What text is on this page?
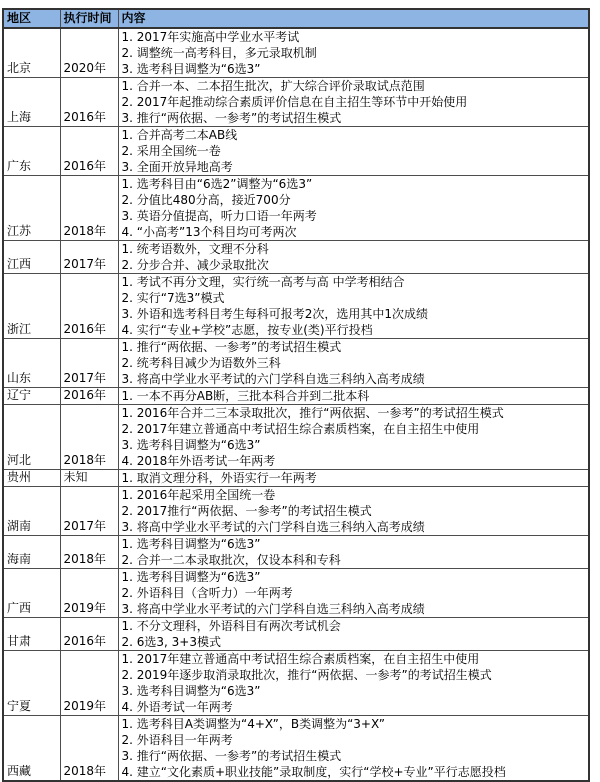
地区	执行时间	内容

北京	2020年	1. 2017年实施高中学业水平考试
2. 调整统一高考科目，多元录取机制
3. 选考科目调整为“6选3”

上海	2016年	1. 合并一本、二本招生批次，扩大综合评价录取试点范围
2. 2017年起推动综合素质评价信息在自主招生等环节中开始使用
3. 推行“两依据、一参考”的考试招生模式

广东	2016年	1. 合并高考二本AB线
2. 采用全国统一卷
3. 全面开放异地高考

江苏	2018年	1. 选考科目由“6选2”调整为“6选3”
2. 分值比480分高，接近700分
3. 英语分值提高，听力口语一年两考
4. “小高考”13个科目均可考两次

江西	2017年	1. 统考语数外，文理不分科
2. 分步合并、减少录取批次

浙江	2016年	1. 考试不再分文理，实行统一高考与高 中学考相结合
2. 实行“7选3”模式
3. 外语和选考科目考生每科可报考2次，选用其中1次成绩
4. 实行“专业+学校”志愿，按专业(类)平行投档

山东	2017年	1. 推行“两依据、一参考”的考试招生模式
2. 统考科目减少为语数外三科
3. 将高中学业水平考试的六门学科自选三科纳入高考成绩

辽宁	2016年	1. 一本不再分AB断，三批本科合并到二批本科

河北	2018年	1. 2016年合并二三本录取批次，推行“两依据、一参考”的考试招生模式
2. 2017年建立普通高中考试招生综合素质档案，在自主招生中使用
3. 选考科目调整为“6选3”
4. 2018年外语考试一年两考

贵州	未知	1. 取消文理分科，外语实行一年两考

湖南	2017年	1. 2016年起采用全国统一卷
2. 2017推行“两依据、一参考”的考试招生模式
3. 将高中学业水平考试的六门学科自选三科纳入高考成绩

海南	2018年	1. 选考科目调整为“6选3”
2. 合并一二本录取批次，仅设本科和专科

广西	2019年	1. 选考科目调整为“6选3”
2. 外语科目（含听力）一年两考
3. 将高中学业水平考试的六门学科自选三科纳入高考成绩

甘肃	2016年	1. 不分文理科，外语科目有两次考试机会
2. 6选3, 3+3模式

宁夏	2019年	1. 2017年建立普通高中考试招生综合素质档案，在自主招生中使用
2. 2019年逐步取消录取批次，推行“两依据、一参考”的考试招生模式
3. 选考科目调整为“6选3”
4. 外语考试一年两考

西藏	2018年	1. 选考科目A类调整为“4+X”，B类调整为“3+X”
2. 外语科目一年两考
3. 推行“两依据、一参考”的考试招生模式
4. 建立“文化素质+职业技能”录取制度，实行“学校+专业”平行志愿投档
